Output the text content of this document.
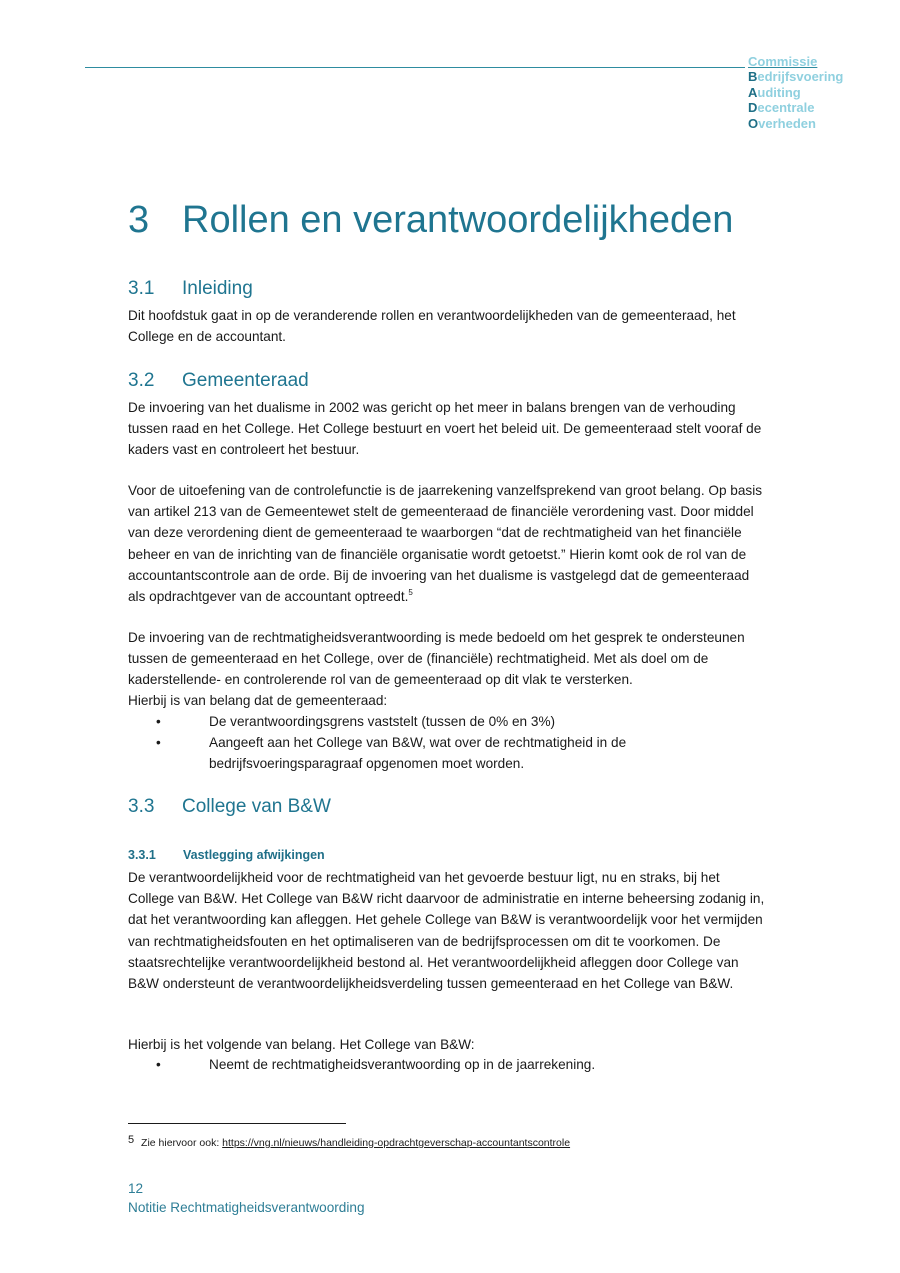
Commissie
Bedrijfsvoering
Auditing
Decentrale
Overheden
3 Rollen en verantwoordelijkheden
3.1 Inleiding
Dit hoofdstuk gaat in op de veranderende rollen en verantwoordelijkheden van de gemeenteraad, het College en de accountant.
3.2 Gemeenteraad
De invoering van het dualisme in 2002 was gericht op het meer in balans brengen van de verhouding tussen raad en het College. Het College bestuurt en voert het beleid uit. De gemeenteraad stelt vooraf de kaders vast en controleert het bestuur.
Voor de uitoefening van de controlefunctie is de jaarrekening vanzelfsprekend van groot belang. Op basis van artikel 213 van de Gemeentewet stelt de gemeenteraad de financiële verordening vast. Door middel van deze verordening dient de gemeenteraad te waarborgen “dat de rechtmatigheid van het financiële beheer en van de inrichting van de financiële organisatie wordt getoetst.” Hierin komt ook de rol van de accountantscontrole aan de orde. Bij de invoering van het dualisme is vastgelegd dat de gemeenteraad als opdrachtgever van de accountant optreedt.$^5$
De invoering van de rechtmatigheidsverantwoording is mede bedoeld om het gesprek te ondersteunen tussen de gemeenteraad en het College, over de (financiële) rechtmatigheid. Met als doel om de kaderstellende- en controlerende rol van de gemeenteraad op dit vlak te versterken.
Hierbij is van belang dat de gemeenteraad:
•	De verantwoordingsgrens vaststelt (tussen de 0% en 3%)
•	Aangeeft aan het College van B&W, wat over de rechtmatigheid in de bedrijfsvoeringsparagraaf opgenomen moet worden.
3.3 College van B&W
3.3.1 Vastlegging afwijkingen
De verantwoordelijkheid voor de rechtmatigheid van het gevoerde bestuur ligt, nu en straks, bij het College van B&W. Het College van B&W richt daarvoor de administratie en interne beheersing zodanig in, dat het verantwoording kan afleggen. Het gehele College van B&W is verantwoordelijk voor het vermijden van rechtmatigheidsfouten en het optimaliseren van de bedrijfsprocessen om dit te voorkomen. De staatsrechtelijke verantwoordelijkheid bestond al. Het verantwoordelijkheid afleggen door College van B&W ondersteunt de verantwoordelijkheidsverdeling tussen gemeenteraad en het College van B&W.
Hierbij is het volgende van belang. Het College van B&W:
•	Neemt de rechtmatigheidsverantwoording op in de jaarrekening.
5 Zie hiervoor ook: https://vng.nl/nieuws/handleiding-opdrachtgeverschap-accountantscontrole
12
Notitie Rechtmatigheidsverantwoording
